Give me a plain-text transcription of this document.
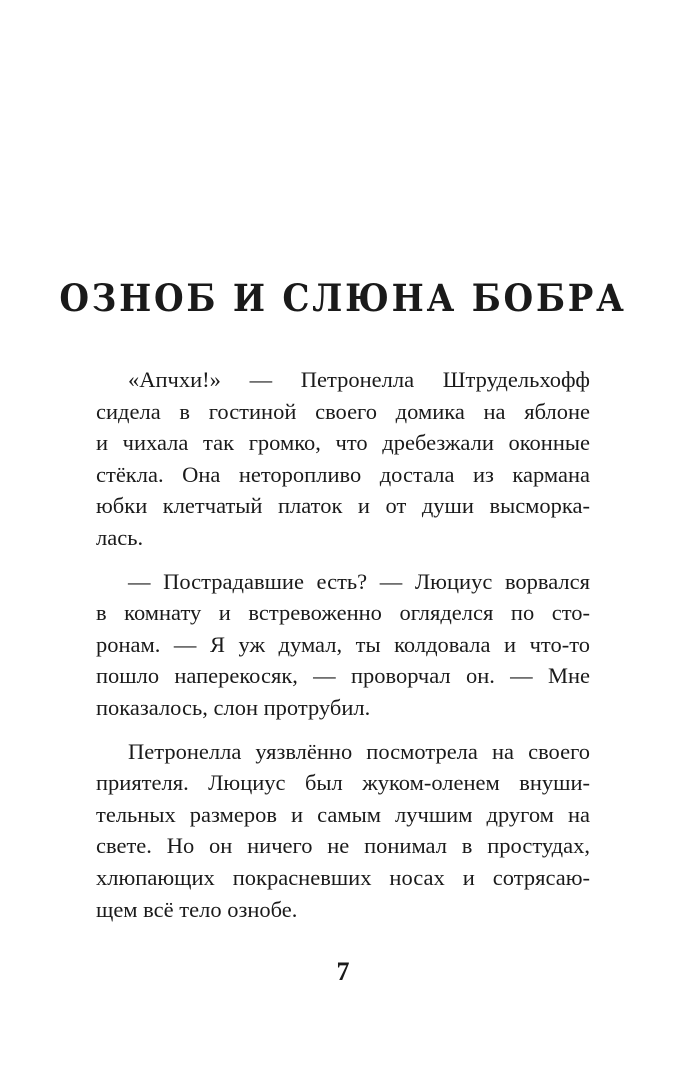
ОЗНОБ И СЛЮНА БОБРА

«Апчхи!» — Петронелла Штрудельхофф
сидела в гостиной своего домика на яблоне
и чихала так громко, что дребезжали оконные
стёкла. Она неторопливо достала из кармана
юбки клетчатый платок и от души высморка-
лась.

— Пострадавшие есть? — Люциус ворвался
в комнату и встревоженно огляделся по сто-
ронам. — Я уж думал, ты колдовала и что-то
пошло наперекосяк, — проворчал он. — Мне
показалось, слон протрубил.

Петронелла уязвлённо посмотрела на своего
приятеля. Люциус был жуком-оленем внуши-
тельных размеров и самым лучшим другом на
свете. Но он ничего не понимал в простудах,
хлюпающих покрасневших носах и сотрясаю-
щем всё тело ознобе.

7
